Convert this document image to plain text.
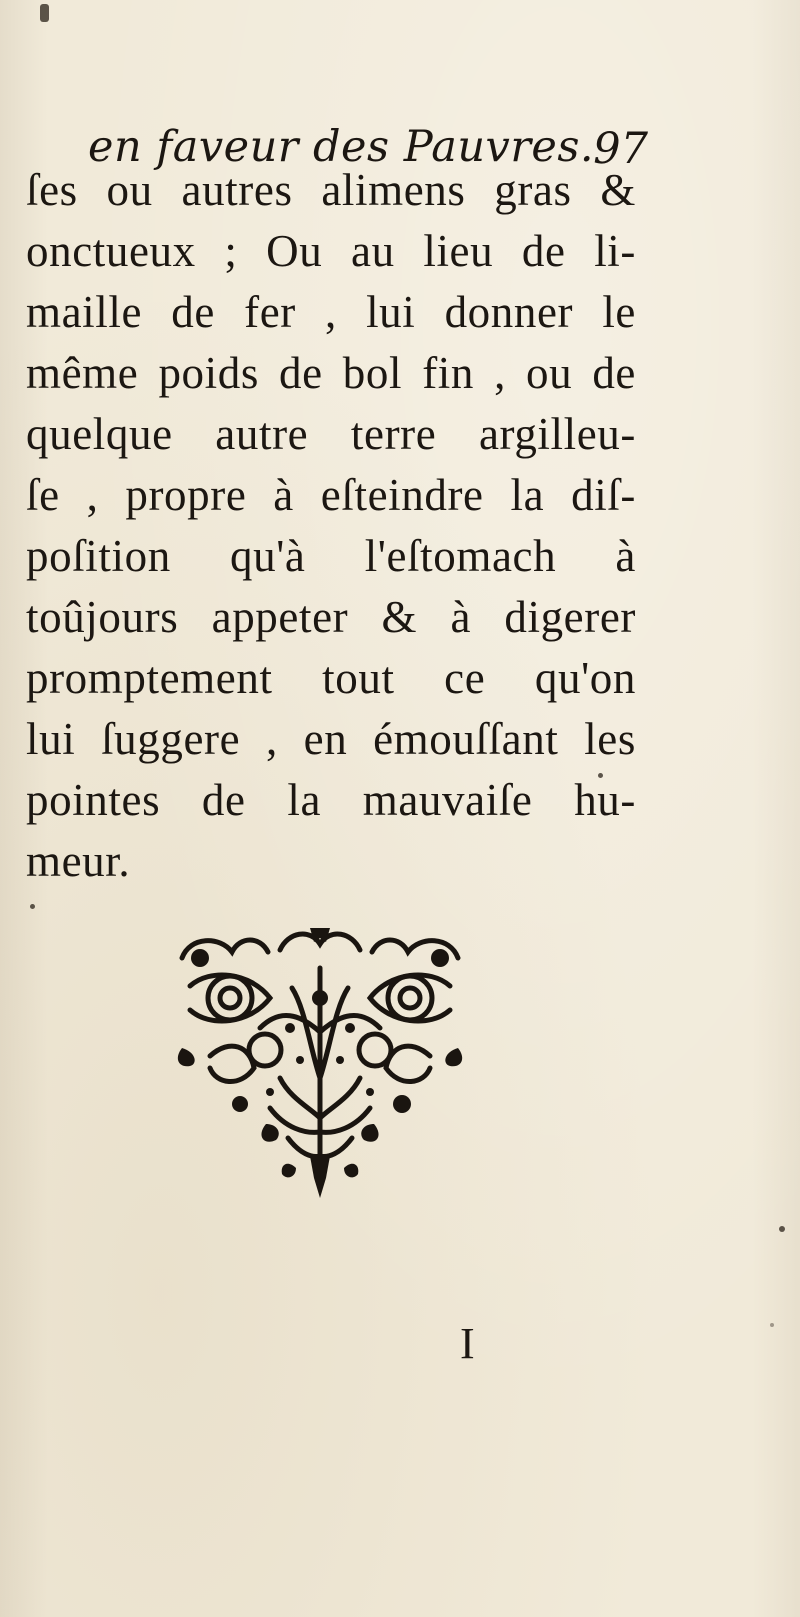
en faveur des Pauvres. 97
ſes ou autres alimens gras &
onctueux ; Ou au lieu de li-
maille de fer , lui donner le
même poids de bol fin , ou de
quelque autre terre argilleu-
ſe , propre à eſteindre la diſ-
poſition qu'à l'eſtomach à
toûjours appeter & à digerer
promptement tout ce qu'on
lui ſuggere , en émouſſant les
pointes de la mauvaiſe hu-
meur.
I
